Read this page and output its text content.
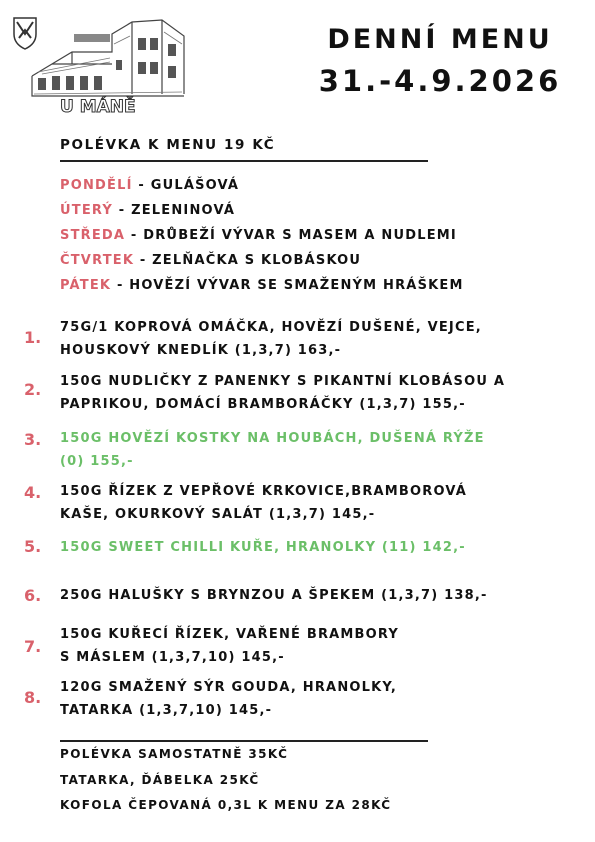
U MÁNĚ
DENNÍ MENU
31.-4.9.2026
POLÉVKA K MENU 19 KČ
PONDĚLÍ - GULÁŠOVÁ
ÚTERÝ - ZELENINOVÁ
STŘEDA - DRŮBEŽÍ VÝVAR S MASEM A NUDLEMI
ČTVRTEK - ZELŇAČKA S KLOBÁSKOU
PÁTEK - HOVĚZÍ VÝVAR SE SMAŽENÝM HRÁŠKEM
1.
75G/1 KOPROVÁ OMÁČKA, HOVĚZÍ DUŠENÉ, VEJCE,
HOUSKOVÝ KNEDLÍK (1,3,7) 163,-
2. 150G NUDLIČKY Z PANENKY S PIKANTNÍ KLOBÁSOU A
PAPRIKOU, DOMÁCÍ BRAMBORÁČKY (1,3,7) 155,-
3. 150G HOVĚZÍ KOSTKY NA HOUBÁCH, DUŠENÁ RÝŽE
(0) 155,-
4. 150G ŘÍZEK Z VEPŘOVÉ KRKOVICE,BRAMBOROVÁ
KAŠE, OKURKOVÝ SALÁT (1,3,7) 145,-
5. 150G SWEET CHILLI KUŘE, HRANOLKY (11) 142,-
6. 250G HALUŠKY S BRYNZOU A ŠPEKEM (1,3,7) 138,-
7.
150G KUŘECÍ ŘÍZEK, VAŘENÉ BRAMBORY
S MÁSLEM (1,3,7,10) 145,-
8.
120G SMAŽENÝ SÝR GOUDA, HRANOLKY,
TATARKA (1,3,7,10) 145,-
POLÉVKA SAMOSTATNĚ 35KČ
TATARKA, ĎÁBELKA 25KČ
KOFOLA ČEPOVANÁ 0,3L K MENU ZA 28KČ
